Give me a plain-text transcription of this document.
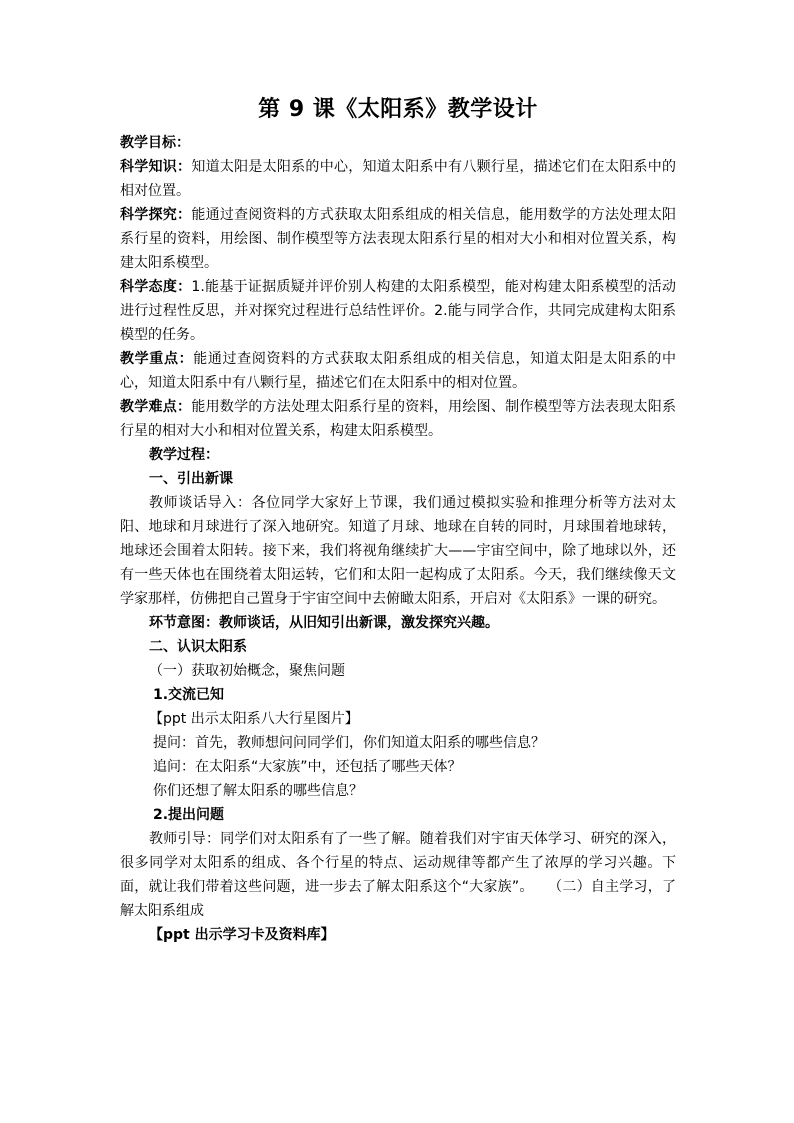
第 9 课《太阳系》教学设计

教学目标：

科学知识：知道太阳是太阳系的中心，知道太阳系中有八颗行星，描述它们在太阳系中的相对位置。

科学探究：能通过查阅资料的方式获取太阳系组成的相关信息，能用数学的方法处理太阳系行星的资料，用绘图、制作模型等方法表现太阳系行星的相对大小和相对位置关系，构建太阳系模型。

科学态度：1.能基于证据质疑并评价别人构建的太阳系模型，能对构建太阳系模型的活动进行过程性反思，并对探究过程进行总结性评价。2.能与同学合作，共同完成建构太阳系模型的任务。

教学重点：能通过查阅资料的方式获取太阳系组成的相关信息，知道太阳是太阳系的中心，知道太阳系中有八颗行星，描述它们在太阳系中的相对位置。

教学难点：能用数学的方法处理太阳系行星的资料，用绘图、制作模型等方法表现太阳系行星的相对大小和相对位置关系，构建太阳系模型。

教学过程：

一、引出新课

教师谈话导入：各位同学大家好上节课，我们通过模拟实验和推理分析等方法对太阳、地球和月球进行了深入地研究。知道了月球、地球在自转的同时，月球围着地球转，地球还会围着太阳转。接下来，我们将视角继续扩大——宇宙空间中，除了地球以外，还有一些天体也在围绕着太阳运转，它们和太阳一起构成了太阳系。今天，我们继续像天文学家那样，仿佛把自己置身于宇宙空间中去俯瞰太阳系，开启对《太阳系》一课的研究。

环节意图：教师谈话，从旧知引出新课，激发探究兴趣。

二、认识太阳系

（一）获取初始概念，聚焦问题

1.交流已知

【ppt 出示太阳系八大行星图片】

提问：首先，教师想问问同学们，你们知道太阳系的哪些信息？

追问：在太阳系“大家族”中，还包括了哪些天体？

你们还想了解太阳系的哪些信息？

2.提出问题

教师引导：同学们对太阳系有了一些了解。随着我们对宇宙天体学习、研究的深入，很多同学对太阳系的组成、各个行星的特点、运动规律等都产生了浓厚的学习兴趣。下面，就让我们带着这些问题，进一步去了解太阳系这个“大家族”。　　（二）自主学习，了解太阳系组成

【ppt 出示学习卡及资料库】
